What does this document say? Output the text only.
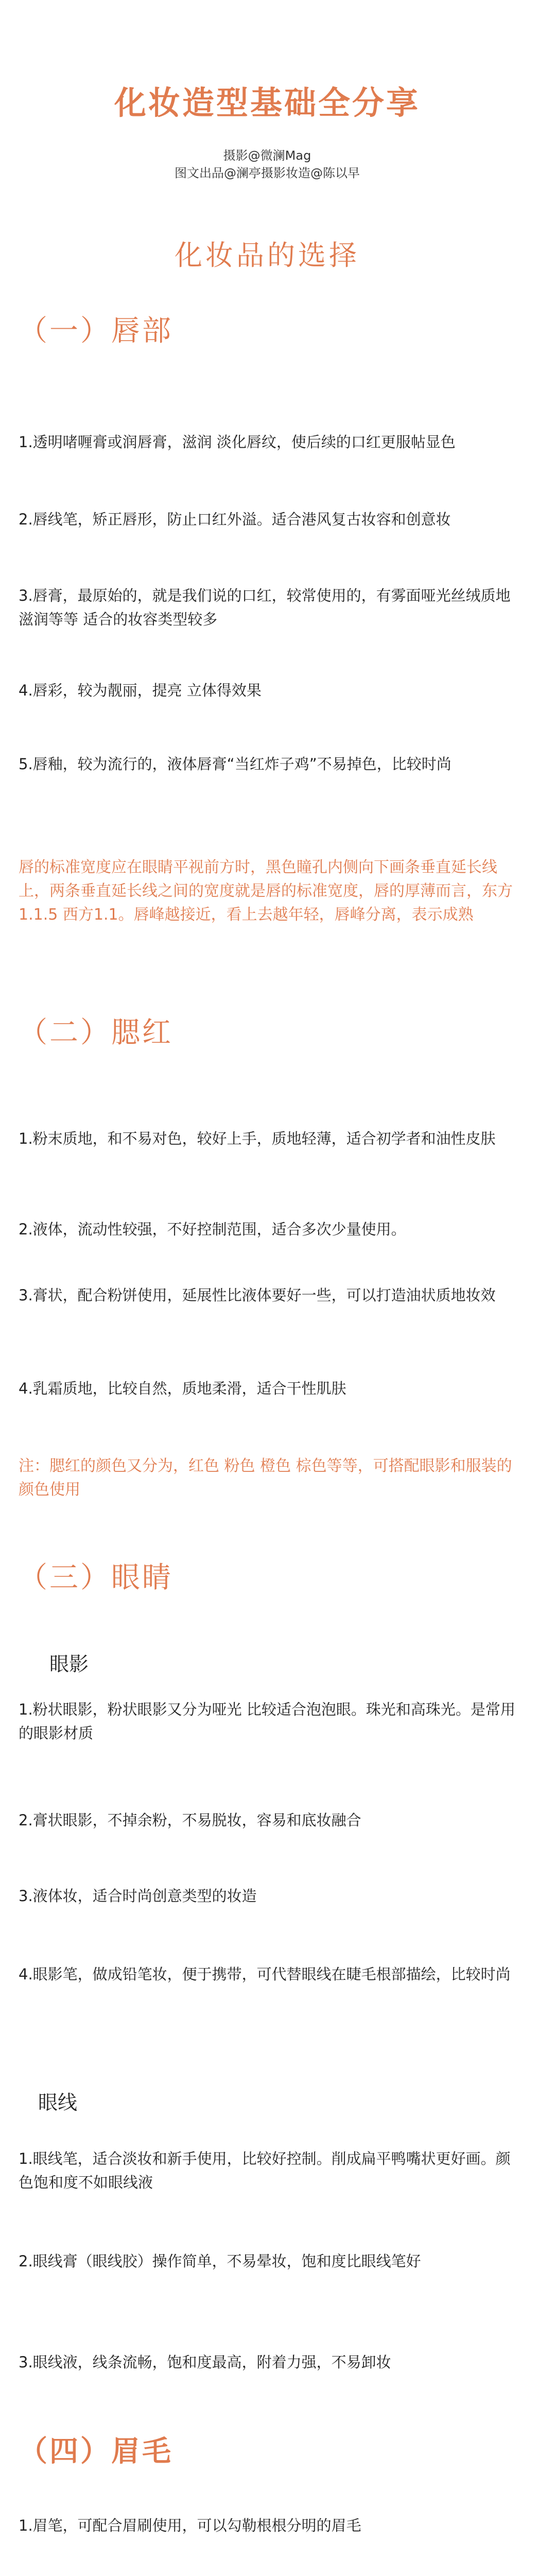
化妆造型基础全分享
摄影@微澜Mag
图文出品@澜亭摄影妆造@陈以早
化妆品的选择
（一）唇部
1.透明啫喱膏或润唇膏，滋润 淡化唇纹，使后续的口红更服帖显色
2.唇线笔，矫正唇形，防止口红外溢。适合港风复古妆容和创意妆
3.唇膏，最原始的，就是我们说的口红，较常使用的，有雾面哑光丝绒质地 滋润等等 适合的妆容类型较多
4.唇彩，较为靓丽，提亮 立体得效果
5.唇釉，较为流行的，液体唇膏“当红炸子鸡”不易掉色，比较时尚
唇的标准宽度应在眼睛平视前方时，黑色瞳孔内侧向下画条垂直延长线上，两条垂直延长线之间的宽度就是唇的标准宽度，唇的厚薄而言，东方1.1.5 西方1.1。唇峰越接近，看上去越年轻，唇峰分离，表示成熟
（二）腮红
1.粉末质地，和不易对色，较好上手，质地轻薄，适合初学者和油性皮肤
2.液体，流动性较强，不好控制范围，适合多次少量使用。
3.膏状，配合粉饼使用，延展性比液体要好一些，可以打造油状质地妆效
4.乳霜质地，比较自然，质地柔滑，适合干性肌肤
注：腮红的颜色又分为，红色 粉色 橙色 棕色等等，可搭配眼影和服装的颜色使用
（三）眼睛
眼影
1.粉状眼影，粉状眼影又分为哑光 比较适合泡泡眼。珠光和高珠光。是常用的眼影材质
2.膏状眼影，不掉余粉，不易脱妆，容易和底妆融合
3.液体妆，适合时尚创意类型的妆造
4.眼影笔，做成铅笔妆，便于携带，可代替眼线在睫毛根部描绘，比较时尚
眼线
1.眼线笔，适合淡妆和新手使用，比较好控制。削成扁平鸭嘴状更好画。颜色饱和度不如眼线液
2.眼线膏（眼线胶）操作简单，不易晕妆，饱和度比眼线笔好
3.眼线液，线条流畅，饱和度最高，附着力强，不易卸妆
（四）眉毛
1.眉笔，可配合眉刷使用，可以勾勒根根分明的眉毛
